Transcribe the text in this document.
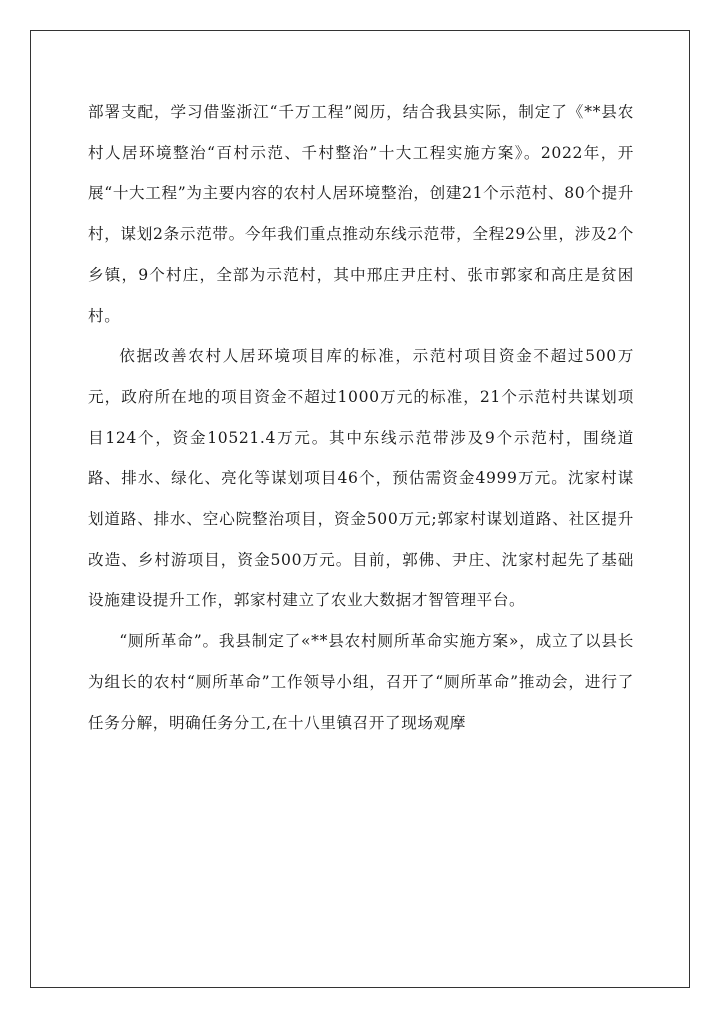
部署支配，学习借鉴浙江“千万工程”阅历，结合我县实际，制定了《**县农村人居环境整治“百村示范、千村整治”十大工程实施方案》。2022年，开展“十大工程”为主要内容的农村人居环境整治，创建21个示范村、80个提升村，谋划2条示范带。今年我们重点推动东线示范带，全程29公里，涉及2个乡镇，9个村庄，全部为示范村，其中邢庄尹庄村、张市郭家和高庄是贫困村。

依据改善农村人居环境项目库的标准，示范村项目资金不超过500万元，政府所在地的项目资金不超过1000万元的标准，21个示范村共谋划项目124个，资金10521.4万元。其中东线示范带涉及9个示范村，围绕道路、排水、绿化、亮化等谋划项目46个，预估需资金4999万元。沈家村谋划道路、排水、空心院整治项目，资金500万元;郭家村谋划道路、社区提升改造、乡村游项目，资金500万元。目前，郭佛、尹庄、沈家村起先了基础设施建设提升工作，郭家村建立了农业大数据才智管理平台。

“厕所革命”。我县制定了«**县农村厕所革命实施方案»，成立了以县长为组长的农村“厕所革命”工作领导小组，召开了“厕所革命”推动会，进行了任务分解，明确任务分工,在十八里镇召开了现场观摩
